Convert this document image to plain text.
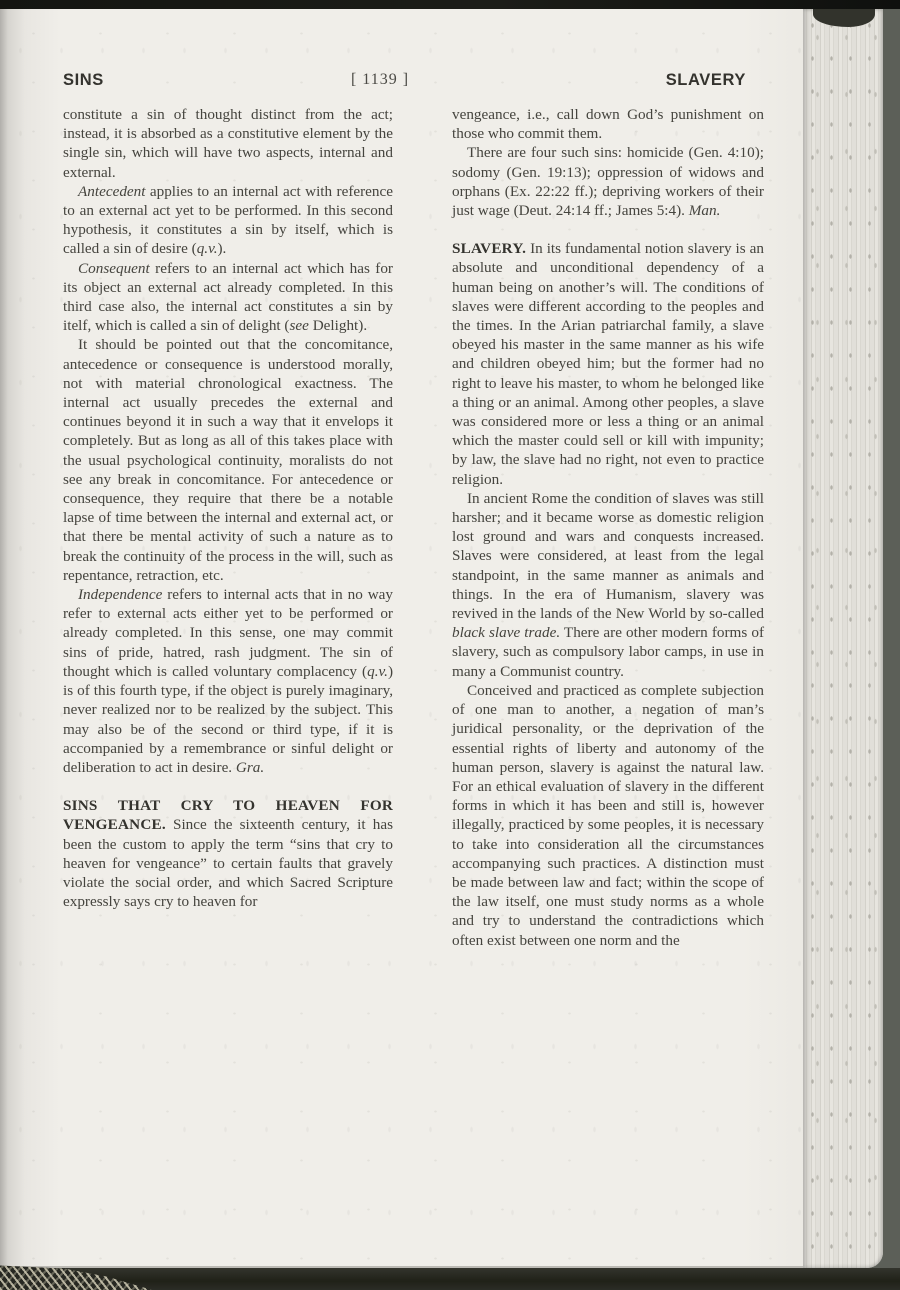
SINS	[ 1139 ]	SLAVERY

constitute a sin of thought distinct from the act; instead, it is absorbed as a constitutive element by the single sin, which will have two aspects, internal and external.

Antecedent applies to an internal act with reference to an external act yet to be performed. In this second hypothesis, it constitutes a sin by itself, which is called a sin of desire (q.v.).

Consequent refers to an internal act which has for its object an external act already completed. In this third case also, the internal act constitutes a sin by itelf, which is called a sin of delight (see Delight).

It should be pointed out that the concomitance, antecedence or consequence is understood morally, not with material chronological exactness. The internal act usually precedes the external and continues beyond it in such a way that it envelops it completely. But as long as all of this takes place with the usual psychological continuity, moralists do not see any break in concomitance. For antecedence or consequence, they require that there be a notable lapse of time between the internal and external act, or that there be mental activity of such a nature as to break the continuity of the process in the will, such as repentance, retraction, etc.

Independence refers to internal acts that in no way refer to external acts either yet to be performed or already completed. In this sense, one may commit sins of pride, hatred, rash judgment. The sin of thought which is called voluntary complacency (q.v.) is of this fourth type, if the object is purely imaginary, never realized nor to be realized by the subject. This may also be of the second or third type, if it is accompanied by a remembrance or sinful delight or deliberation to act in desire. Gra.

SINS THAT CRY TO HEAVEN FOR VENGEANCE. Since the sixteenth century, it has been the custom to apply the term “sins that cry to heaven for vengeance” to certain faults that gravely violate the social order, and which Sacred Scripture expressly says cry to heaven for

vengeance, i.e., call down God’s punishment on those who commit them.

There are four such sins: homicide (Gen. 4:10); sodomy (Gen. 19:13); oppression of widows and orphans (Ex. 22:22 ff.); depriving workers of their just wage (Deut. 24:14 ff.; James 5:4). Man.

SLAVERY. In its fundamental notion slavery is an absolute and unconditional dependency of a human being on another’s will. The conditions of slaves were different according to the peoples and the times. In the Arian patriarchal family, a slave obeyed his master in the same manner as his wife and children obeyed him; but the former had no right to leave his master, to whom he belonged like a thing or an animal. Among other peoples, a slave was considered more or less a thing or an animal which the master could sell or kill with impunity; by law, the slave had no right, not even to practice religion.

In ancient Rome the condition of slaves was still harsher; and it became worse as domestic religion lost ground and wars and conquests increased. Slaves were considered, at least from the legal standpoint, in the same manner as animals and things. In the era of Humanism, slavery was revived in the lands of the New World by so-called black slave trade. There are other modern forms of slavery, such as compulsory labor camps, in use in many a Communist country.

Conceived and practiced as complete subjection of one man to another, a negation of man’s juridical personality, or the deprivation of the essential rights of liberty and autonomy of the human person, slavery is against the natural law. For an ethical evaluation of slavery in the different forms in which it has been and still is, however illegally, practiced by some peoples, it is necessary to take into consideration all the circumstances accompanying such practices. A distinction must be made between law and fact; within the scope of the law itself, one must study norms as a whole and try to understand the contradictions which often exist between one norm and the
